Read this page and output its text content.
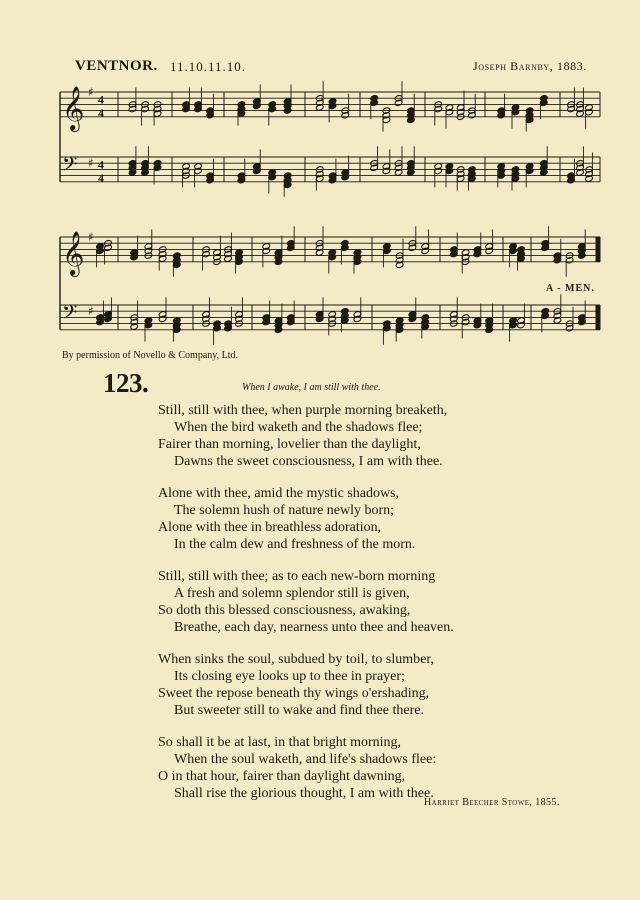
VENTNOR. 11.10.11.10.	Joseph Barnby, 1883.
𝄞 ♯
4
4
𝄢 ♯ 4
4
𝄞 ♯
𝄢 ♯
A - MEN.
By permission of Novello & Company, Ltd.
123.	When I awake, I am still with thee.
Still, still with thee, when purple morning breaketh,
When the bird waketh and the shadows flee;
Fairer than morning, lovelier than the daylight,
Dawns the sweet consciousness, I am with thee.
Alone with thee, amid the mystic shadows,
The solemn hush of nature newly born;
Alone with thee in breathless adoration,
In the calm dew and freshness of the morn.
Still, still with thee; as to each new-born morning
A fresh and solemn splendor still is given,
So doth this blessed consciousness, awaking,
Breathe, each day, nearness unto thee and heaven.
When sinks the soul, subdued by toil, to slumber,
Its closing eye looks up to thee in prayer;
Sweet the repose beneath thy wings o'ershading,
But sweeter still to wake and find thee there.
So shall it be at last, in that bright morning,
When the soul waketh, and life's shadows flee:
O in that hour, fairer than daylight dawning,
Shall rise the glorious thought, I am with thee.
Harriet Beecher Stowe, 1855.
